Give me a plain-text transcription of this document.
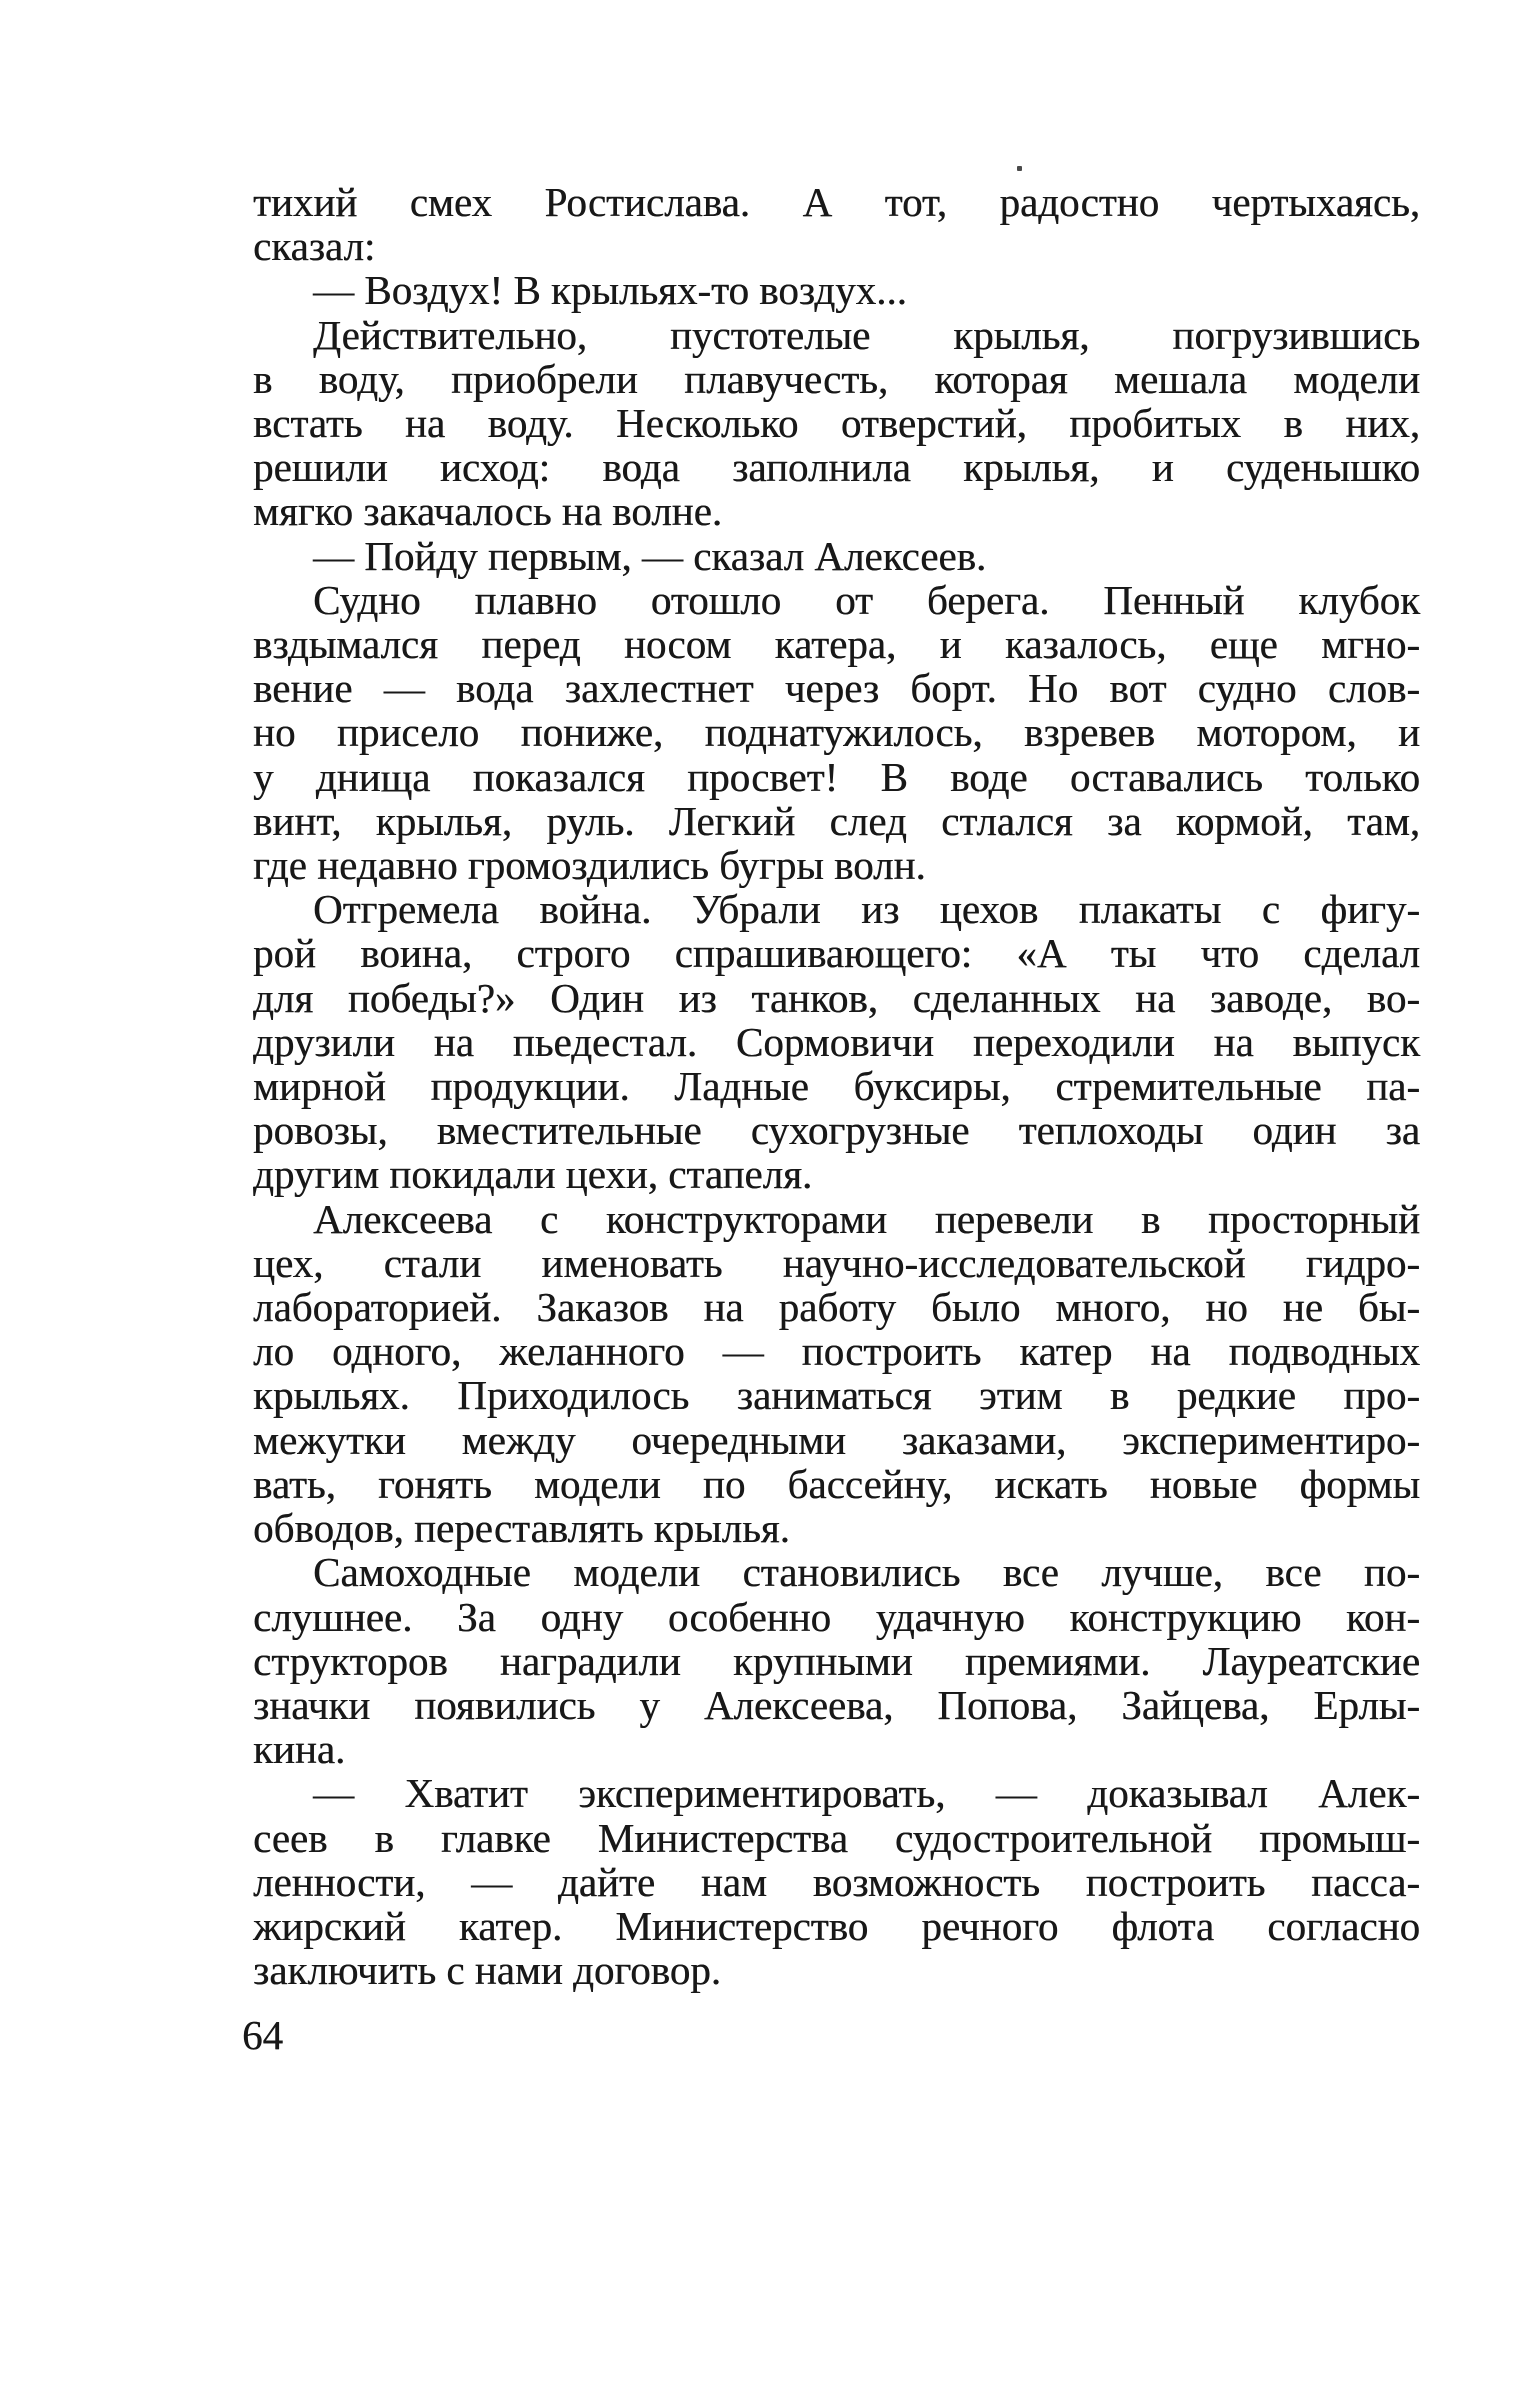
тихий смех Ростислава. А тот, радостно чертыхаясь,
сказал:
— Воздух! В крыльях-то воздух...
Действительно, пустотелые крылья, погрузившись
в воду, приобрели плавучесть, которая мешала модели
встать на воду. Несколько отверстий, пробитых в них,
решили исход: вода заполнила крылья, и суденышко
мягко закачалось на волне.
— Пойду первым, — сказал Алексеев.
Судно плавно отошло от берега. Пенный клубок
вздымался перед носом катера, и казалось, еще мгно-
вение — вода захлестнет через борт. Но вот судно слов-
но присело пониже, поднатужилось, взревев мотором, и
у днища показался просвет! В воде оставались только
винт, крылья, руль. Легкий след стлался за кормой, там,
где недавно громоздились бугры волн.
Отгремела война. Убрали из цехов плакаты с фигу-
рой воина, строго спрашивающего: «А ты что сделал
для победы?» Один из танков, сделанных на заводе, во-
друзили на пьедестал. Сормовичи переходили на выпуск
мирной продукции. Ладные буксиры, стремительные па-
ровозы, вместительные сухогрузные теплоходы один за
другим покидали цехи, стапеля.
Алексеева с конструкторами перевели в просторный
цех, стали именовать научно-исследовательской гидро-
лабораторией. Заказов на работу было много, но не бы-
ло одного, желанного — построить катер на подводных
крыльях. Приходилось заниматься этим в редкие про-
межутки между очередными заказами, экспериментиро-
вать, гонять модели по бассейну, искать новые формы
обводов, переставлять крылья.
Самоходные модели становились все лучше, все по-
слушнее. За одну особенно удачную конструкцию кон-
структоров наградили крупными премиями. Лауреатские
значки появились у Алексеева, Попова, Зайцева, Ерлы-
кина.
— Хватит экспериментировать, — доказывал Алек-
сеев в главке Министерства судостроительной промыш-
ленности, — дайте нам возможность построить пасса-
жирский катер. Министерство речного флота согласно
заключить с нами договор.
64
